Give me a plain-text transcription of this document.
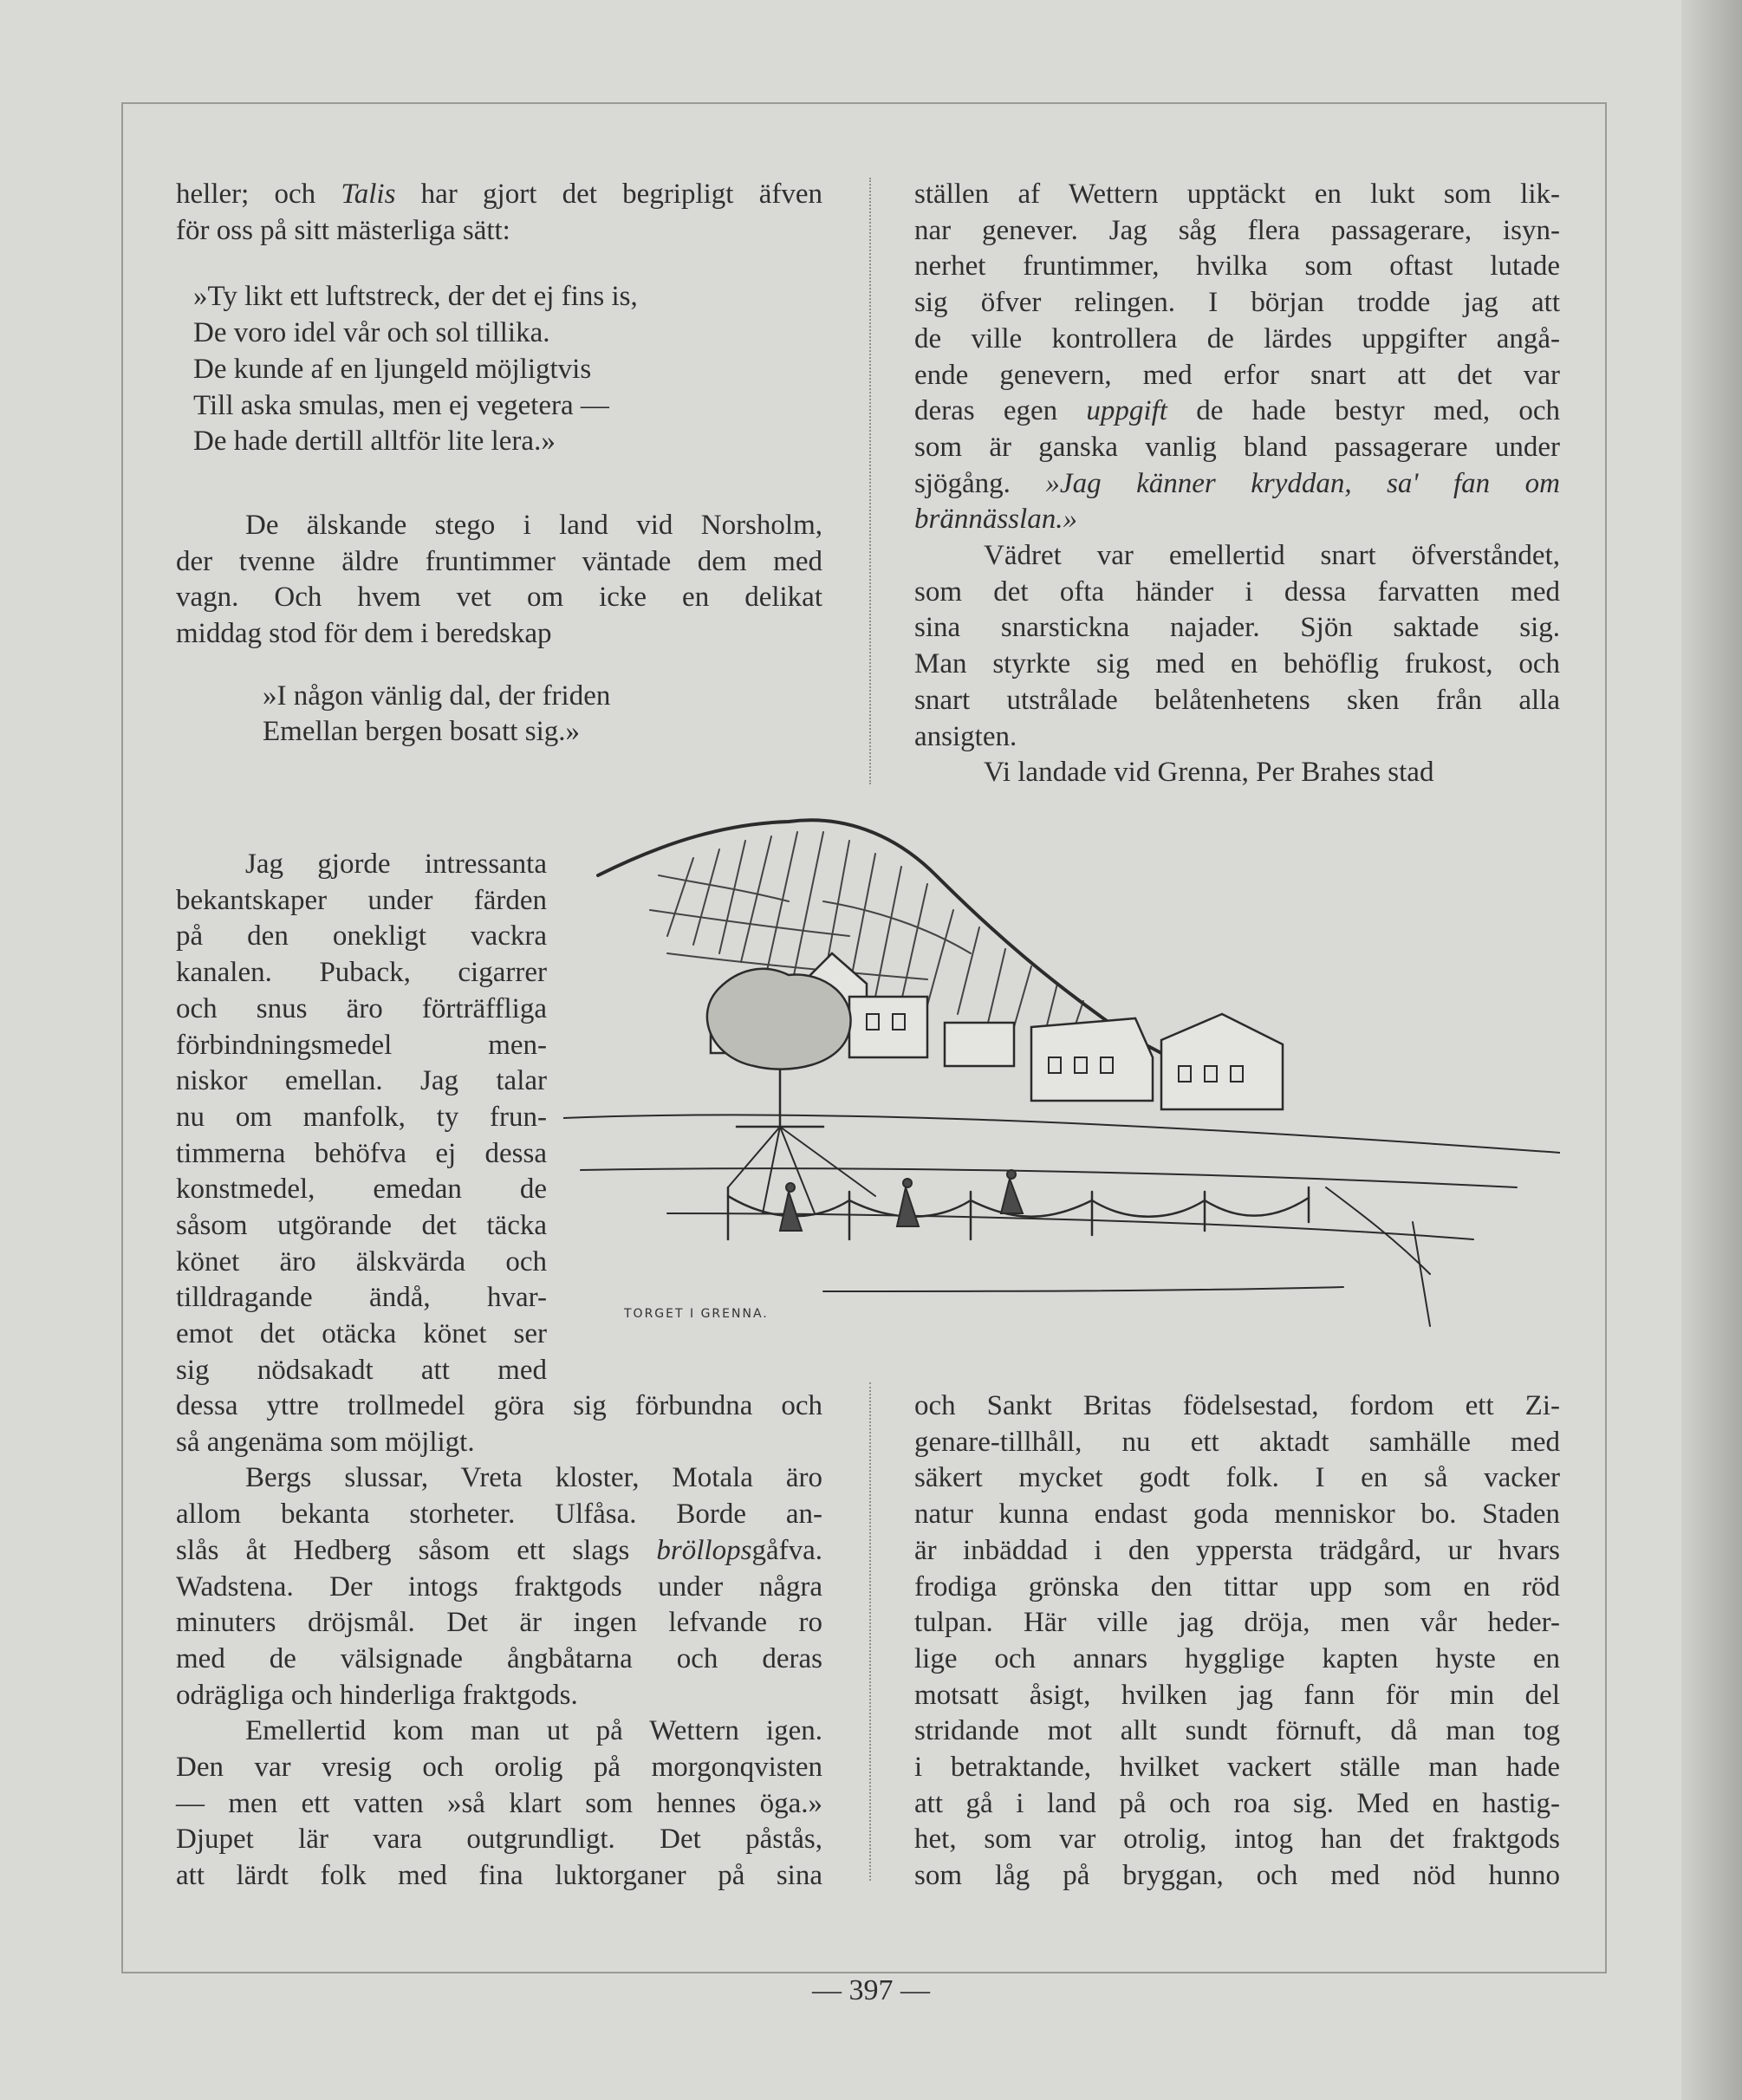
heller; och Talis har gjort det begripligt äfven

för oss på sitt mästerliga sätt:

»Ty likt ett luftstreck, der det ej fins is,
De voro idel vår och sol tillika.
De kunde af en ljungeld möjligtvis
Till aska smulas, men ej vegetera —
De hade dertill alltför lite lera.»

De älskande stego i land vid Norsholm,

der tvenne äldre fruntimmer väntade dem med

vagn. Och hvem vet om icke en delikat

middag stod för dem i beredskap

»I någon vänlig dal, der friden
Emellan bergen bosatt sig.»

ställen af Wettern upptäckt en lukt som lik-

nar genever. Jag såg flera passagerare, isyn-

nerhet fruntimmer, hvilka som oftast lutade

sig öfver relingen. I början trodde jag att

de ville kontrollera de lärdes uppgifter angå-

ende genevern, med erfor snart att det var

deras egen uppgift de hade bestyr med, och

som är ganska vanlig bland passagerare under

sjögång. »Jag känner kryddan, sa' fan om

brännässlan.»

Vädret var emellertid snart öfverståndet,

som det ofta händer i dessa farvatten med

sina snarstickna najader. Sjön saktade sig.

Man styrkte sig med en behöflig frukost, och

snart utstrålade belåtenhetens sken från alla

ansigten.

Vi landade vid Grenna, Per Brahes stad

Jag gjorde intressanta

bekantskaper under färden

på den onekligt vackra

kanalen. Puback, cigarrer

och snus äro förträffliga

förbindningsmedel men-

niskor emellan. Jag talar

nu om manfolk, ty frun-

timmerna behöfva ej dessa

konstmedel, emedan de

såsom utgörande det täcka

könet äro älskvärda och

tilldragande ändå, hvar-

emot det otäcka könet ser

sig nödsakadt att med

dessa yttre trollmedel göra sig förbundna och

så angenäma som möjligt.

Bergs slussar, Vreta kloster, Motala äro

allom bekanta storheter. Ulfåsa. Borde an-

slås åt Hedberg såsom ett slags bröllopsgåfva.

Wadstena. Der intogs fraktgods under några

minuters dröjsmål. Det är ingen lefvande ro

med de välsignade ångbåtarna och deras

odrägliga och hinderliga fraktgods.

Emellertid kom man ut på Wettern igen.

Den var vresig och orolig på morgonqvisten

— men ett vatten »så klart som hennes öga.»

Djupet lär vara outgrundligt. Det påstås,

att lärdt folk med fina luktorganer på sina

och Sankt Britas födelsestad, fordom ett Zi-

genare-tillhåll, nu ett aktadt samhälle med

säkert mycket godt folk. I en så vacker

natur kunna endast goda menniskor bo. Staden

är inbäddad i den yppersta trädgård, ur hvars

frodiga grönska den tittar upp som en röd

tulpan. Här ville jag dröja, men vår heder-

lige och annars hygglige kapten hyste en

motsatt åsigt, hvilken jag fann för min del

stridande mot allt sundt förnuft, då man tog

i betraktande, hvilket vackert ställe man hade

att gå i land på och roa sig. Med en hastig-

het, som var otrolig, intog han det fraktgods

som låg på bryggan, och med nöd hunno

TORGET I GRENNA.
— 397 —
